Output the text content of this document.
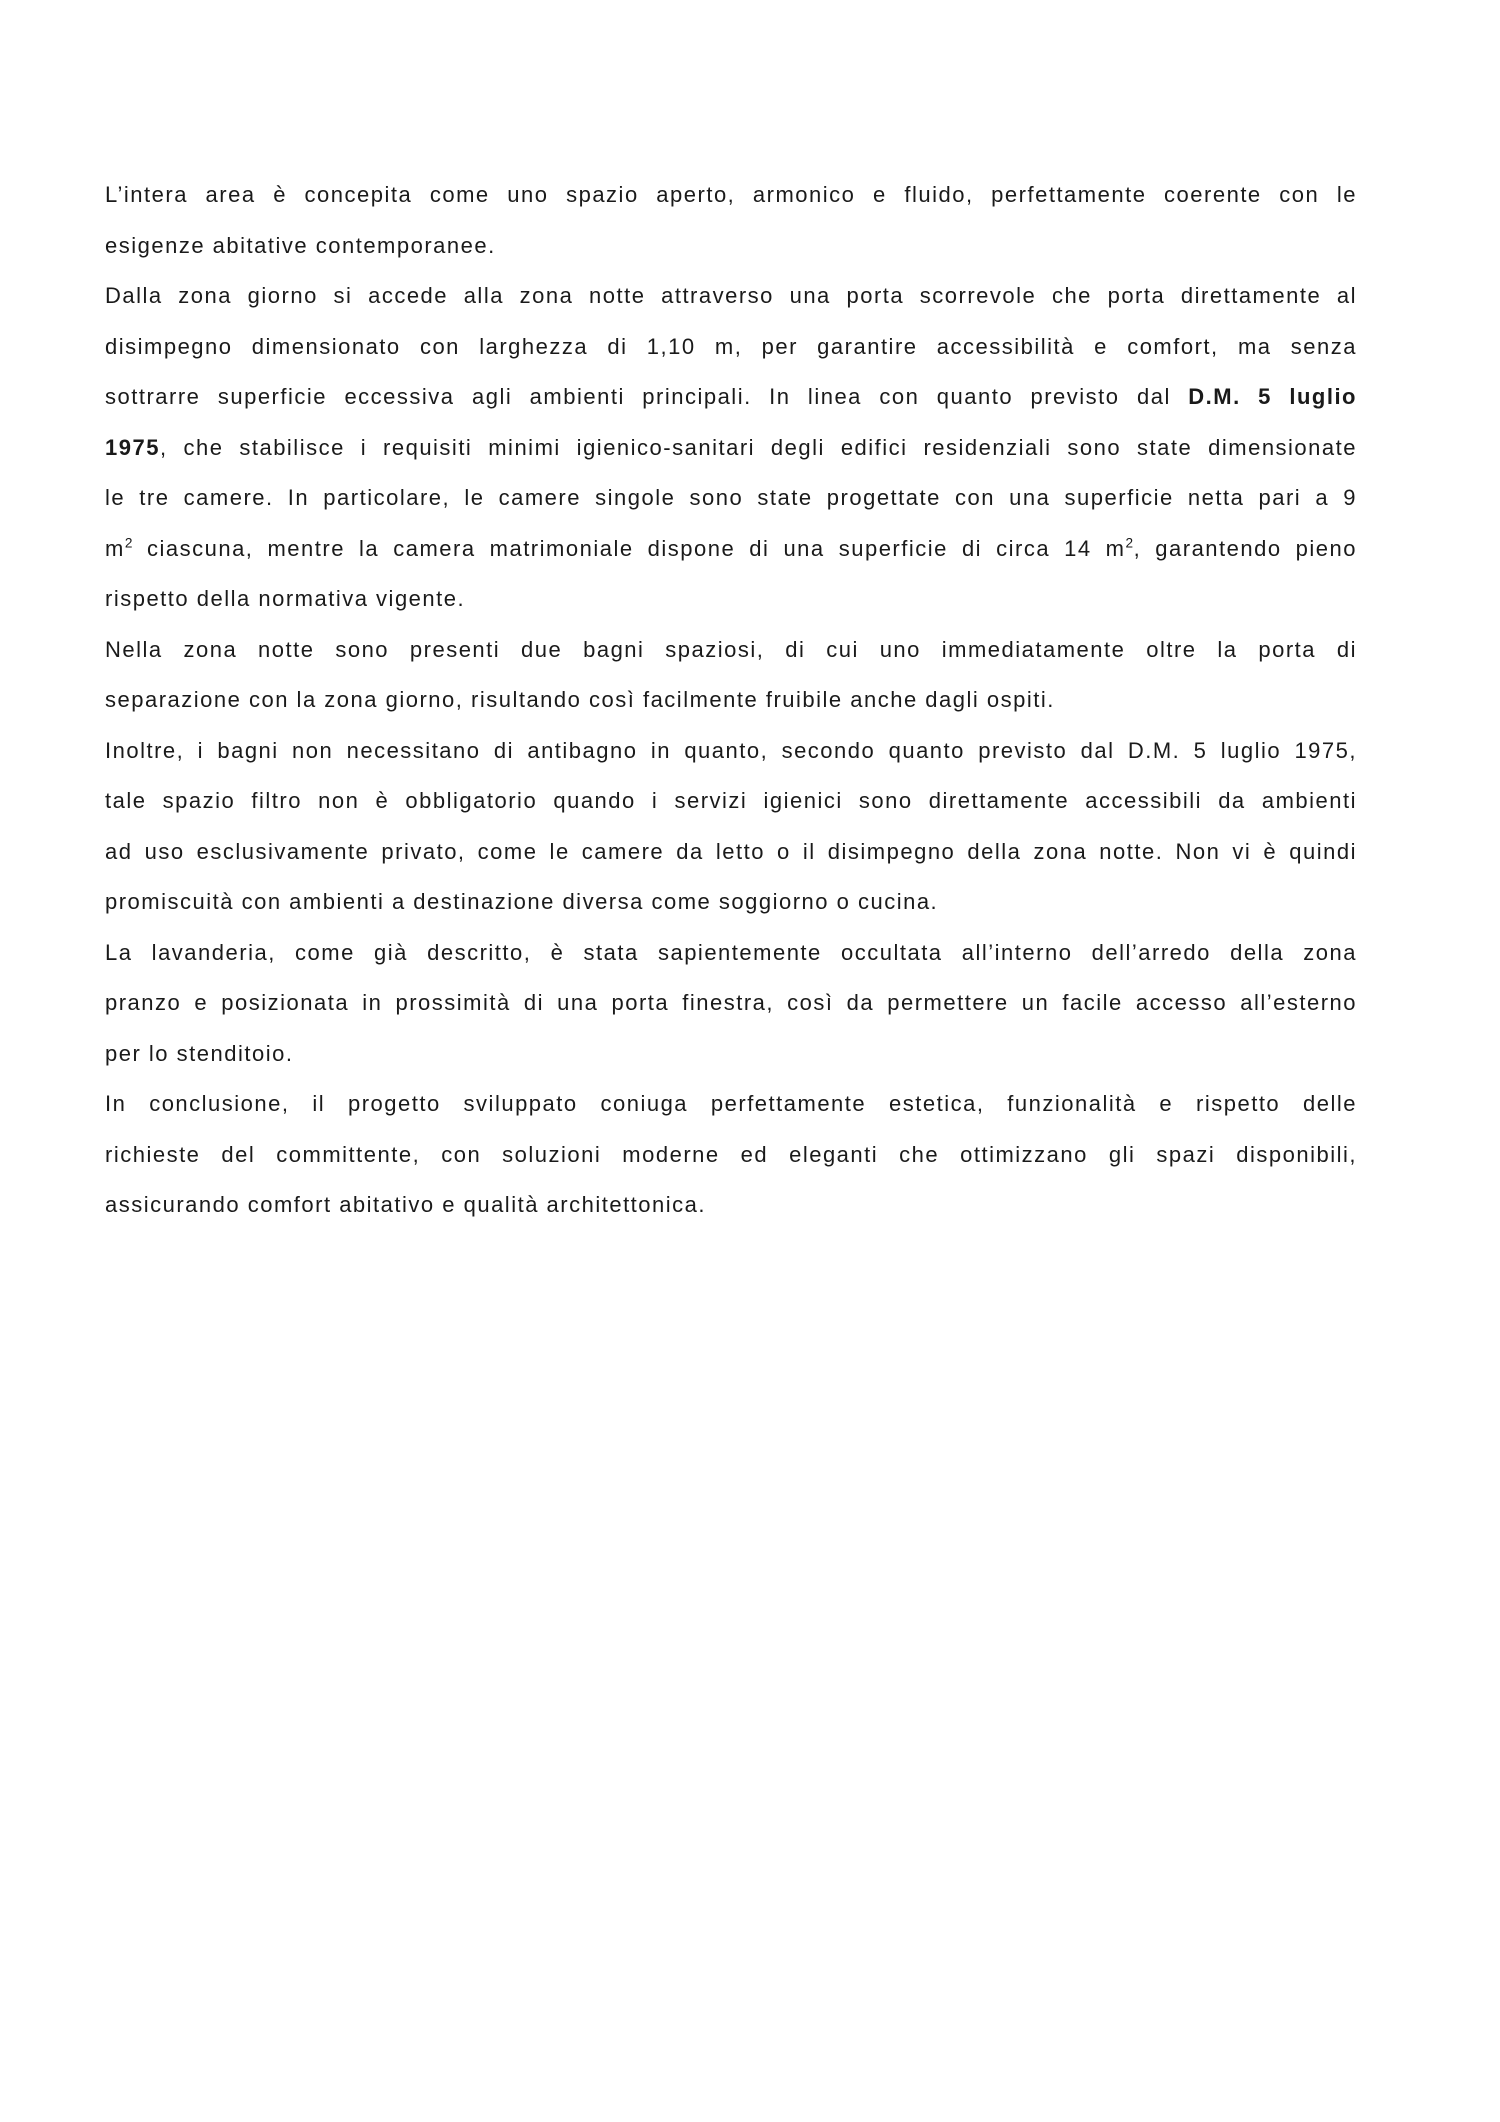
L’intera area è concepita come uno spazio aperto, armonico e fluido, perfettamente coerente con le
esigenze abitative contemporanee.
Dalla zona giorno si accede alla zona notte attraverso una porta scorrevole che porta direttamente al
disimpegno dimensionato con larghezza di 1,10 m, per garantire accessibilità e comfort, ma senza
sottrarre superficie eccessiva agli ambienti principali. In linea con quanto previsto dal D.M. 5 luglio
1975, che stabilisce i requisiti minimi igienico-sanitari degli edifici residenziali sono state dimensionate
le tre camere. In particolare, le camere singole sono state progettate con una superficie netta pari a 9
$m^2$ ciascuna, mentre la camera matrimoniale dispone di una superficie di circa 14 $m^2$, garantendo pieno
rispetto della normativa vigente.
Nella zona notte sono presenti due bagni spaziosi, di cui uno immediatamente oltre la porta di
separazione con la zona giorno, risultando così facilmente fruibile anche dagli ospiti.
Inoltre, i bagni non necessitano di antibagno in quanto, secondo quanto previsto dal D.M. 5 luglio 1975,
tale spazio filtro non è obbligatorio quando i servizi igienici sono direttamente accessibili da ambienti
ad uso esclusivamente privato, come le camere da letto o il disimpegno della zona notte. Non vi è quindi
promiscuità con ambienti a destinazione diversa come soggiorno o cucina.
La lavanderia, come già descritto, è stata sapientemente occultata all’interno dell’arredo della zona
pranzo e posizionata in prossimità di una porta finestra, così da permettere un facile accesso all’esterno
per lo stenditoio.
In conclusione, il progetto sviluppato coniuga perfettamente estetica, funzionalità e rispetto delle
richieste del committente, con soluzioni moderne ed eleganti che ottimizzano gli spazi disponibili,
assicurando comfort abitativo e qualità architettonica.
